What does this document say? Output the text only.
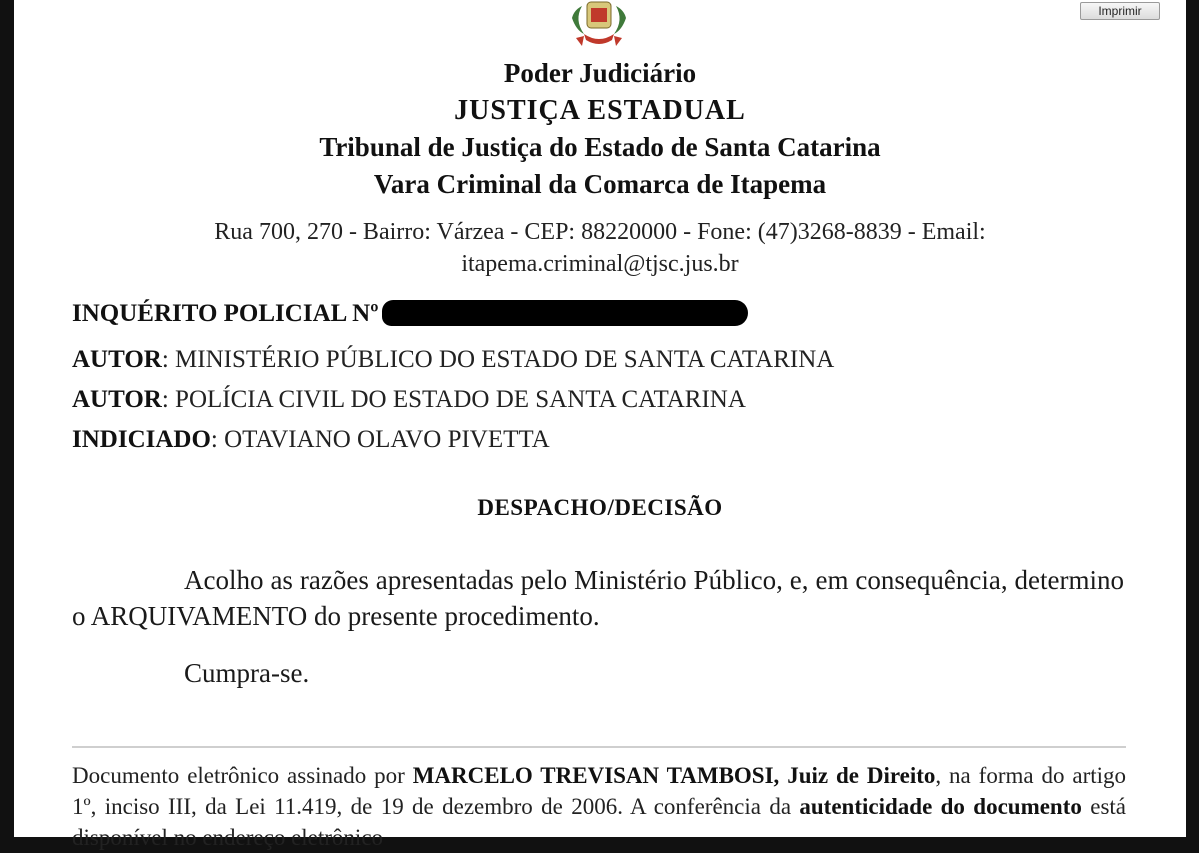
Imprimir
Poder Judiciário
JUSTIÇA ESTADUAL
Tribunal de Justiça do Estado de Santa Catarina
Vara Criminal da Comarca de Itapema
Rua 700, 270 - Bairro: Várzea - CEP: 88220000 - Fone: (47)3268-8839 - Email:
itapema.criminal@tjsc.jus.br
INQUÉRITO POLICIAL Nº
AUTOR: MINISTÉRIO PÚBLICO DO ESTADO DE SANTA CATARINA
AUTOR: POLÍCIA CIVIL DO ESTADO DE SANTA CATARINA
INDICIADO: OTAVIANO OLAVO PIVETTA
DESPACHO/DECISÃO
Acolho as razões apresentadas pelo Ministério Público, e, em consequência, determino o ARQUIVAMENTO do presente procedimento.
Cumpra-se.
Documento eletrônico assinado por MARCELO TREVISAN TAMBOSI, Juiz de Direito, na forma do artigo 1º, inciso III, da Lei 11.419, de 19 de dezembro de 2006. A conferência da autenticidade do documento está disponível no endereço eletrônico
